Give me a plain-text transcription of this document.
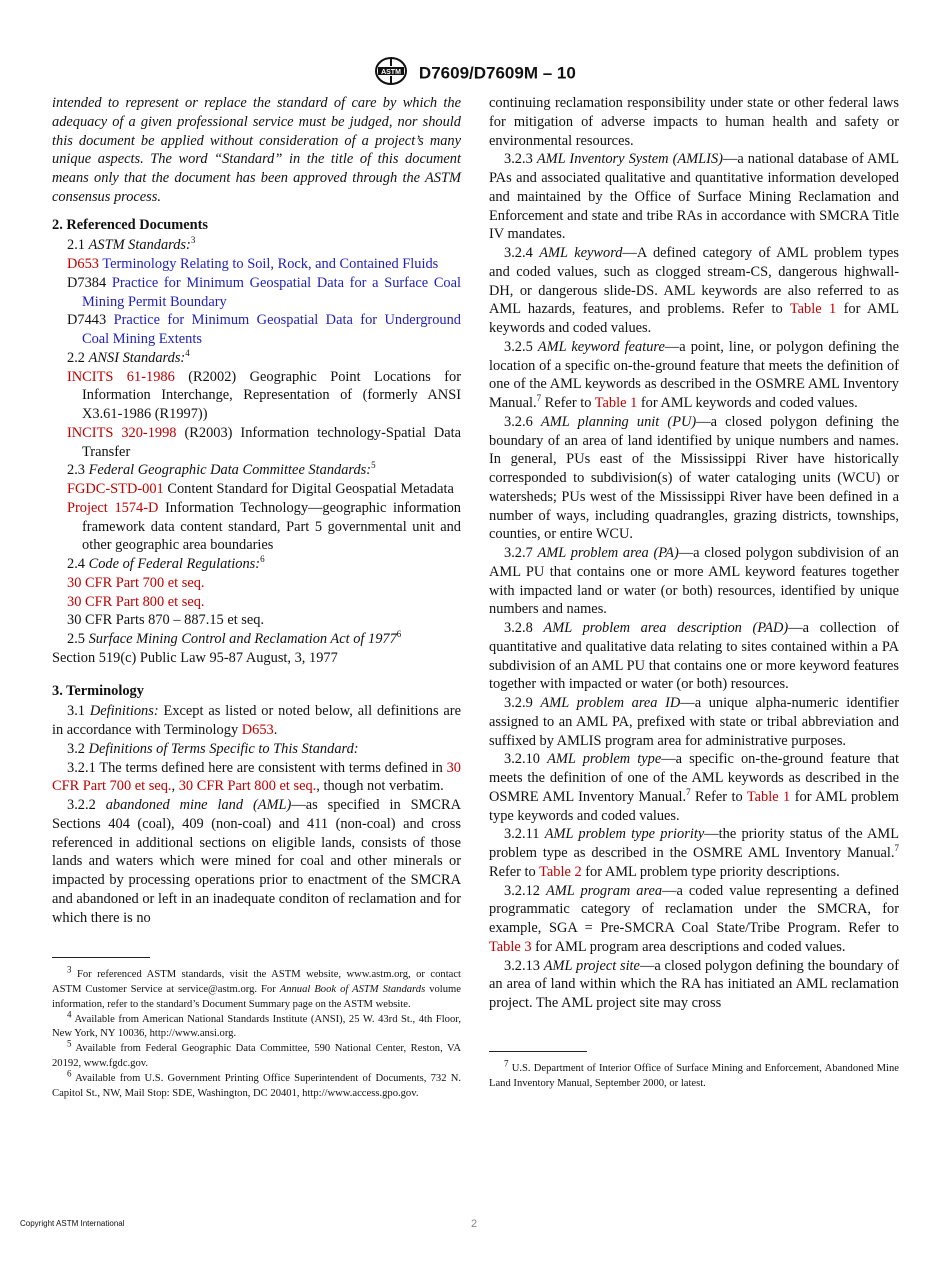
ASTM D7609/D7609M – 10

intended to represent or replace the standard of care by which the adequacy of a given professional service must be judged, nor should this document be applied without consideration of a project’s many unique aspects. The word “Standard” in the title of this document means only that the document has been approved through the ASTM consensus process.

2. Referenced Documents

2.1 ASTM Standards:$^3$

D653 Terminology Relating to Soil, Rock, and Contained Fluids

D7384 Practice for Minimum Geospatial Data for a Surface Coal Mining Permit Boundary

D7443 Practice for Minimum Geospatial Data for Underground Coal Mining Extents

2.2 ANSI Standards:$^4$

INCITS 61-1986 (R2002) Geographic Point Locations for Information Interchange, Representation of (formerly ANSI X3.61-1986 (R1997))

INCITS 320-1998 (R2003) Information technology-Spatial Data Transfer

2.3 Federal Geographic Data Committee Standards:$^5$

FGDC-STD-001 Content Standard for Digital Geospatial Metadata

Project 1574-D Information Technology—geographic information framework data content standard, Part 5 governmental unit and other geographic area boundaries

2.4 Code of Federal Regulations:$^6$

30 CFR Part 700 et seq.

30 CFR Part 800 et seq.

30 CFR Parts 870 – 887.15 et seq.

2.5 Surface Mining Control and Reclamation Act of 1977$^6$

Section 519(c) Public Law 95-87 August, 3, 1977

3. Terminology

3.1 Definitions: Except as listed or noted below, all definitions are in accordance with Terminology D653.

3.2 Definitions of Terms Specific to This Standard:

3.2.1 The terms defined here are consistent with terms defined in 30 CFR Part 700 et seq., 30 CFR Part 800 et seq., though not verbatim.

3.2.2 abandoned mine land (AML)—as specified in SMCRA Sections 404 (coal), 409 (non-coal) and 411 (non-coal) and cross referenced in additional sections on eligible lands, consists of those lands and waters which were mined for coal and other minerals or impacted by processing operations prior to enactment of the SMCRA and abandoned or left in an inadequate conditon of reclamation and for which there is no

$^3$ For referenced ASTM standards, visit the ASTM website, www.astm.org, or contact ASTM Customer Service at service@astm.org. For Annual Book of ASTM Standards volume information, refer to the standard’s Document Summary page on the ASTM website.

$^4$ Available from American National Standards Institute (ANSI), 25 W. 43rd St., 4th Floor, New York, NY 10036, http://www.ansi.org.

$^5$ Available from Federal Geographic Data Committee, 590 National Center, Reston, VA 20192, www.fgdc.gov.

$^6$ Available from U.S. Government Printing Office Superintendent of Documents, 732 N. Capitol St., NW, Mail Stop: SDE, Washington, DC 20401, http://www.access.gpo.gov.

continuing reclamation responsibility under state or other federal laws for mitigation of adverse impacts to human health and safety or environmental resources.

3.2.3 AML Inventory System (AMLIS)—a national database of AML PAs and associated qualitative and quantitative information developed and maintained by the Office of Surface Mining Reclamation and Enforcement and state and tribe RAs in accordance with SMCRA Title IV mandates.

3.2.4 AML keyword—A defined category of AML problem types and coded values, such as clogged stream-CS, dangerous highwall-DH, or dangerous slide-DS. AML keywords are also referred to as AML hazards, features, and problems. Refer to Table 1 for AML keywords and coded values.

3.2.5 AML keyword feature—a point, line, or polygon defining the location of a specific on-the-ground feature that meets the definition of one of the AML keywords as described in the OSMRE AML Inventory Manual.$^7$ Refer to Table 1 for AML keywords and coded values.

3.2.6 AML planning unit (PU)—a closed polygon defining the boundary of an area of land identified by unique numbers and names. In general, PUs east of the Mississippi River have historically corresponded to subdivision(s) of water cataloging units (WCU) or watersheds; PUs west of the Mississippi River have been defined in a number of ways, including quadrangles, grazing districts, townships, counties, or entire WCU.

3.2.7 AML problem area (PA)—a closed polygon subdivision of an AML PU that contains one or more AML keyword features together with impacted land or water (or both) resources, identified by unique numbers and names.

3.2.8 AML problem area description (PAD)—a collection of quantitative and qualitative data relating to sites contained within a PA subdivision of an AML PU that contains one or more keyword features together with impacted or water (or both) resources.

3.2.9 AML problem area ID—a unique alpha-numeric identifier assigned to an AML PA, prefixed with state or tribal abbreviation and suffixed by AMLIS program area for administrative purposes.

3.2.10 AML problem type—a specific on-the-ground feature that meets the definition of one of the AML keywords as described in the OSMRE AML Inventory Manual.$^7$ Refer to Table 1 for AML problem type keywords and coded values.

3.2.11 AML problem type priority—the priority status of the AML problem type as described in the OSMRE AML Inventory Manual.$^7$ Refer to Table 2 for AML problem type priority descriptions.

3.2.12 AML program area—a coded value representing a defined programmatic category of reclamation under the SMCRA, for example, SGA = Pre-SMCRA Coal State/Tribe Program. Refer to Table 3 for AML program area descriptions and coded values.

3.2.13 AML project site—a closed polygon defining the boundary of an area of land within which the RA has initiated an AML reclamation project. The AML project site may cross

$^7$ U.S. Department of Interior Office of Surface Mining and Enforcement, Abandoned Mine Land Inventory Manual, September 2000, or latest.

Copyright ASTM International	2
